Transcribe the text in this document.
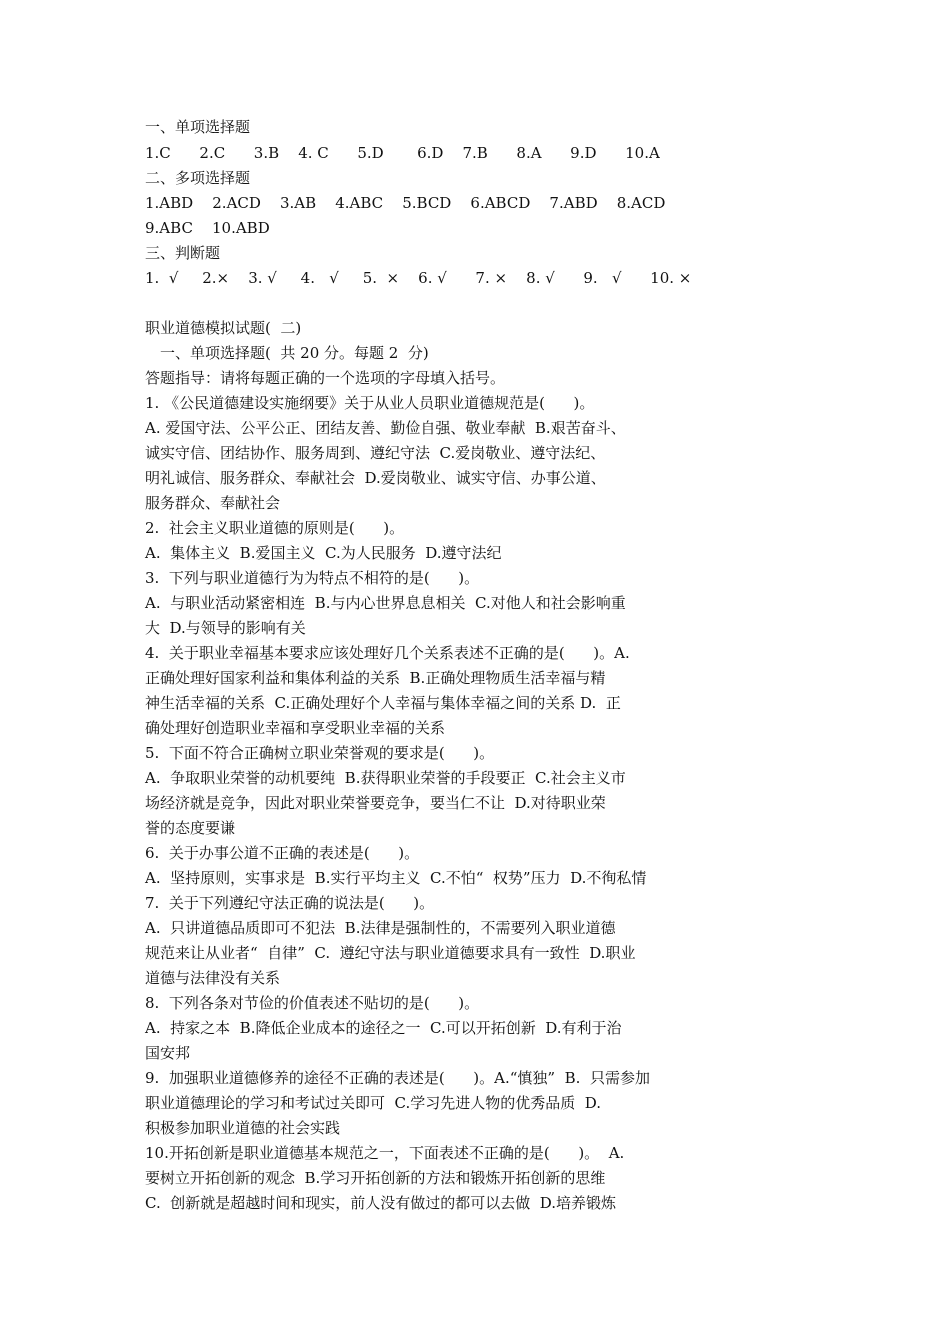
一、单项选择题
1.C      2.C      3.B    4. C      5.D       6.D    7.B      8.A      9.D      10.A
二、多项选择题
1.ABD    2.ACD    3.AB    4.ABC    5.BCD    6.ABCD    7.ABD    8.ACD
9.ABC    10.ABD
三、判断题
1.  √     2.×    3. √     4.   √     5.  ×    6. √      7. ×    8. √      9.   √      10. ×
职业道德模拟试题(  二)
一、单项选择题(  共 20 分。每题 2  分)
答题指导：请将每题正确的一个选项的字母填入括号。
1. 《公民道德建设实施纲要》关于从业人员职业道德规范是(      )。
A. 爱国守法、公平公正、团结友善、勤俭自强、敬业奉献  B.艰苦奋斗、
诚实守信、团结协作、服务周到、遵纪守法  C.爱岗敬业、遵守法纪、
明礼诚信、服务群众、奉献社会  D.爱岗敬业、诚实守信、办事公道、
服务群众、奉献社会
2.  社会主义职业道德的原则是(      )。
A.  集体主义  B.爱国主义  C.为人民服务  D.遵守法纪
3.  下列与职业道德行为为特点不相符的是(      )。
A.  与职业活动紧密相连  B.与内心世界息息相关  C.对他人和社会影响重
大  D.与领导的影响有关
4.  关于职业幸福基本要求应该处理好几个关系表述不正确的是(      )。A.
正确处理好国家利益和集体利益的关系  B.正确处理物质生活幸福与精
神生活幸福的关系  C.正确处理好个人幸福与集体幸福之间的关系 D.  正
确处理好创造职业幸福和享受职业幸福的关系
5.  下面不符合正确树立职业荣誉观的要求是(      )。
A.  争取职业荣誉的动机要纯  B.获得职业荣誉的手段要正  C.社会主义市
场经济就是竞争，因此对职业荣誉要竞争，要当仁不让  D.对待职业荣
誉的态度要谦
6.  关于办事公道不正确的表述是(      )。
A.  坚持原则，实事求是  B.实行平均主义  C.不怕“  权势”压力  D.不徇私情
7.  关于下列遵纪守法正确的说法是(      )。
A.  只讲道德品质即可不犯法  B.法律是强制性的，不需要列入职业道德
规范来让从业者“  自律”  C.  遵纪守法与职业道德要求具有一致性  D.职业
道德与法律没有关系
8.  下列各条对节俭的价值表述不贴切的是(      )。
A.  持家之本  B.降低企业成本的途径之一  C.可以开拓创新  D.有利于治
国安邦
9.  加强职业道德修养的途径不正确的表述是(      )。A.“慎独”  B.  只需参加
职业道德理论的学习和考试过关即可  C.学习先进人物的优秀品质  D.
积极参加职业道德的社会实践
10.开拓创新是职业道德基本规范之一，下面表述不正确的是(      )。  A.
要树立开拓创新的观念  B.学习开拓创新的方法和锻炼开拓创新的思维
C.  创新就是超越时间和现实，前人没有做过的都可以去做  D.培养锻炼
